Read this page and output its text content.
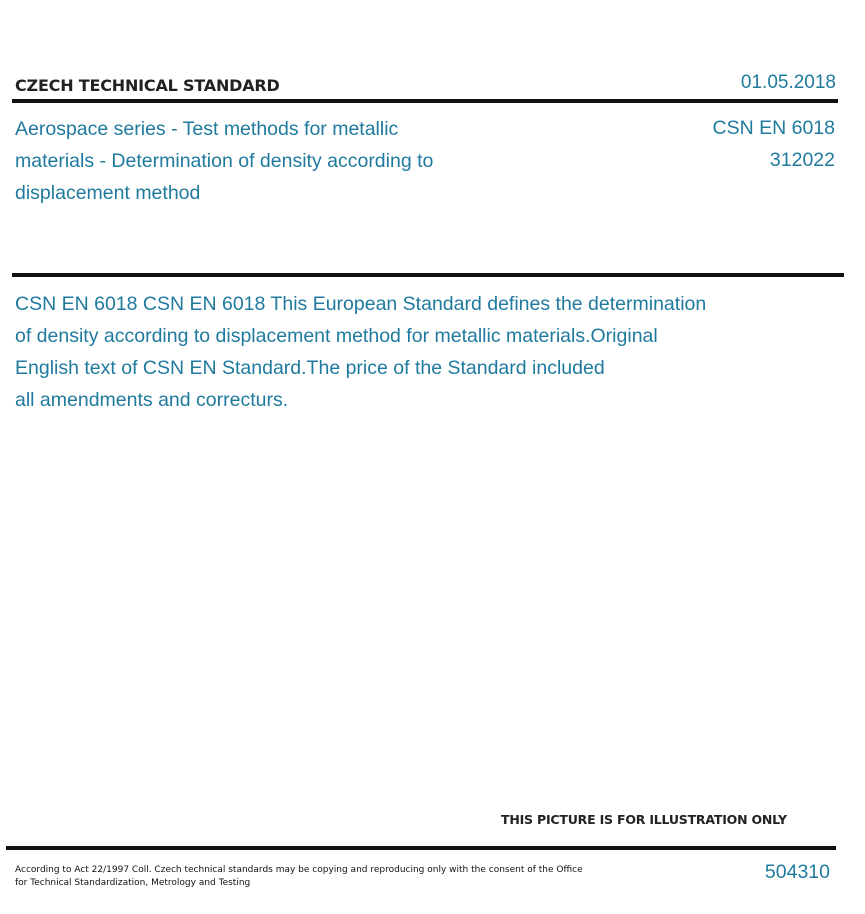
CZECH TECHNICAL STANDARD	01.05.2018
Aerospace series - Test methods for metallic materials - Determination of density according to displacement method
CSN EN 6018
312022
CSN EN 6018 CSN EN 6018 This European Standard defines the determination
of density according to displacement method for metallic materials.Original
English text of CSN EN Standard.The price of the Standard included
all amendments and correcturs.
THIS PICTURE IS FOR ILLUSTRATION ONLY
According to Act 22/1997 Coll. Czech technical standards may be copying and reproducing only with the consent of the Office
for Technical Standardization, Metrology and Testing	504310
